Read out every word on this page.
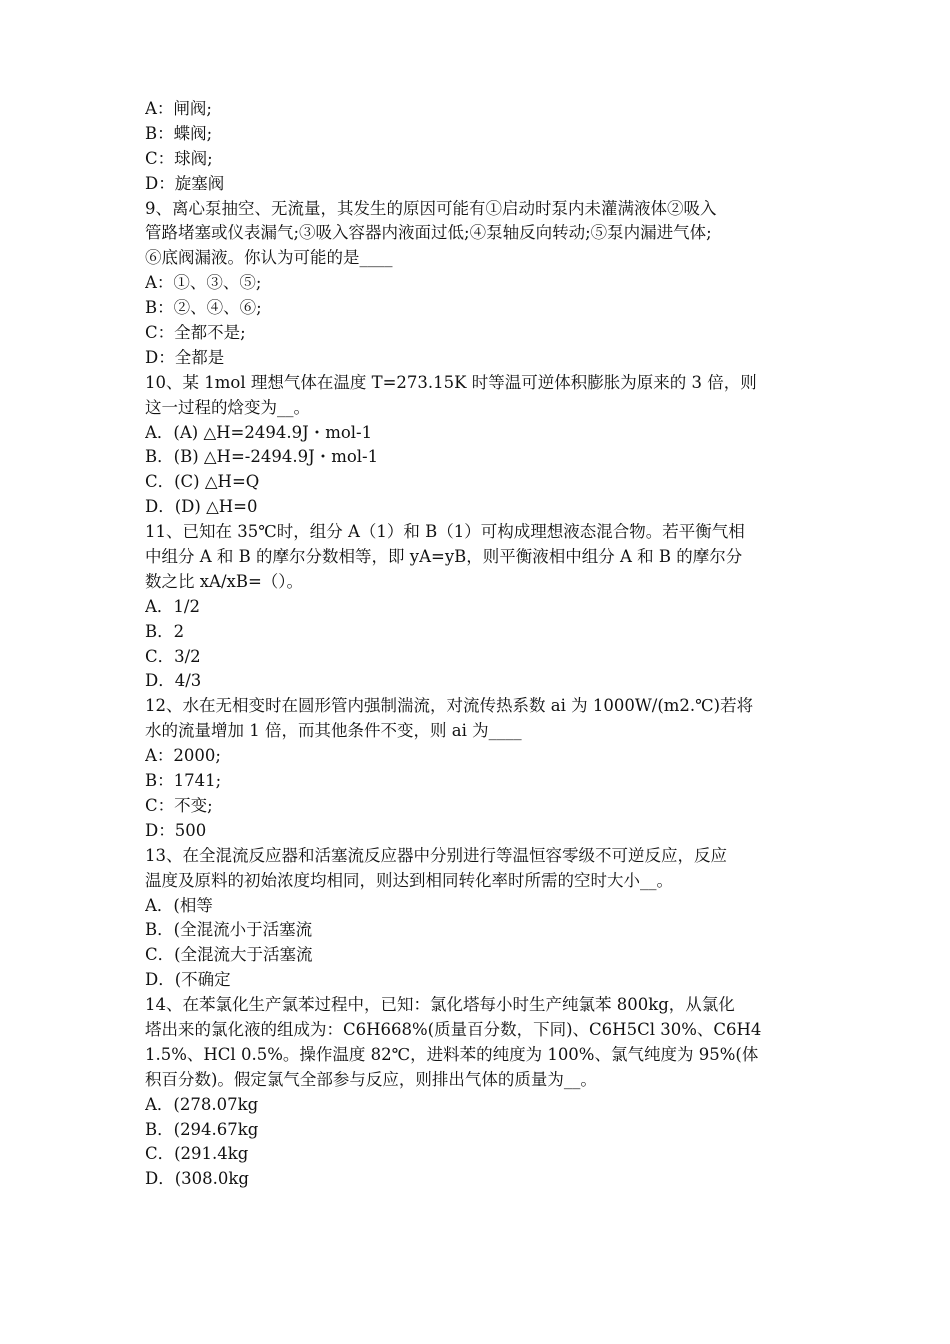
A：闸阀;
B：蝶阀;
C：球阀;
D：旋塞阀
9、离心泵抽空、无流量，其发生的原因可能有①启动时泵内未灌满液体②吸入
管路堵塞或仪表漏气;③吸入容器内液面过低;④泵轴反向转动;⑤泵内漏进气体;
⑥底阀漏液。你认为可能的是____
A：①、③、⑤;
B：②、④、⑥;
C：全都不是;
D：全都是
10、某 1mol 理想气体在温度 T=273.15K 时等温可逆体积膨胀为原来的 3 倍，则
这一过程的焓变为__。
A．(A) △H=2494.9J・mol-1
B．(B) △H=-2494.9J・mol-1
C．(C) △H=Q
D．(D) △H=0
11、已知在 35℃时，组分 A（1）和 B（1）可构成理想液态混合物。若平衡气相
中组分 A 和 B 的摩尔分数相等，即 yA=yB，则平衡液相中组分 A 和 B 的摩尔分
数之比 xA/xB=（）。
A．1/2
B．2
C．3/2
D．4/3
12、水在无相变时在圆形管内强制湍流，对流传热系数 ai 为 1000W/(m2.℃)若将
水的流量增加 1 倍，而其他条件不变，则 ai 为____
A：2000;
B：1741;
C：不变;
D：500
13、在全混流反应器和活塞流反应器中分别进行等温恒容零级不可逆反应，反应
温度及原料的初始浓度均相同，则达到相同转化率时所需的空时大小__。
A．(相等
B．(全混流小于活塞流
C．(全混流大于活塞流
D．(不确定
14、在苯氯化生产氯苯过程中，已知：氯化塔每小时生产纯氯苯 800kg，从氯化
塔出来的氯化液的组成为：C6H668%(质量百分数，下同)、C6H5Cl 30%、C6H4
1.5%、HCl 0.5%。操作温度 82℃，进料苯的纯度为 100%、氯气纯度为 95%(体
积百分数)。假定氯气全部参与反应，则排出气体的质量为__。
A．(278.07kg
B．(294.67kg
C．(291.4kg
D．(308.0kg
